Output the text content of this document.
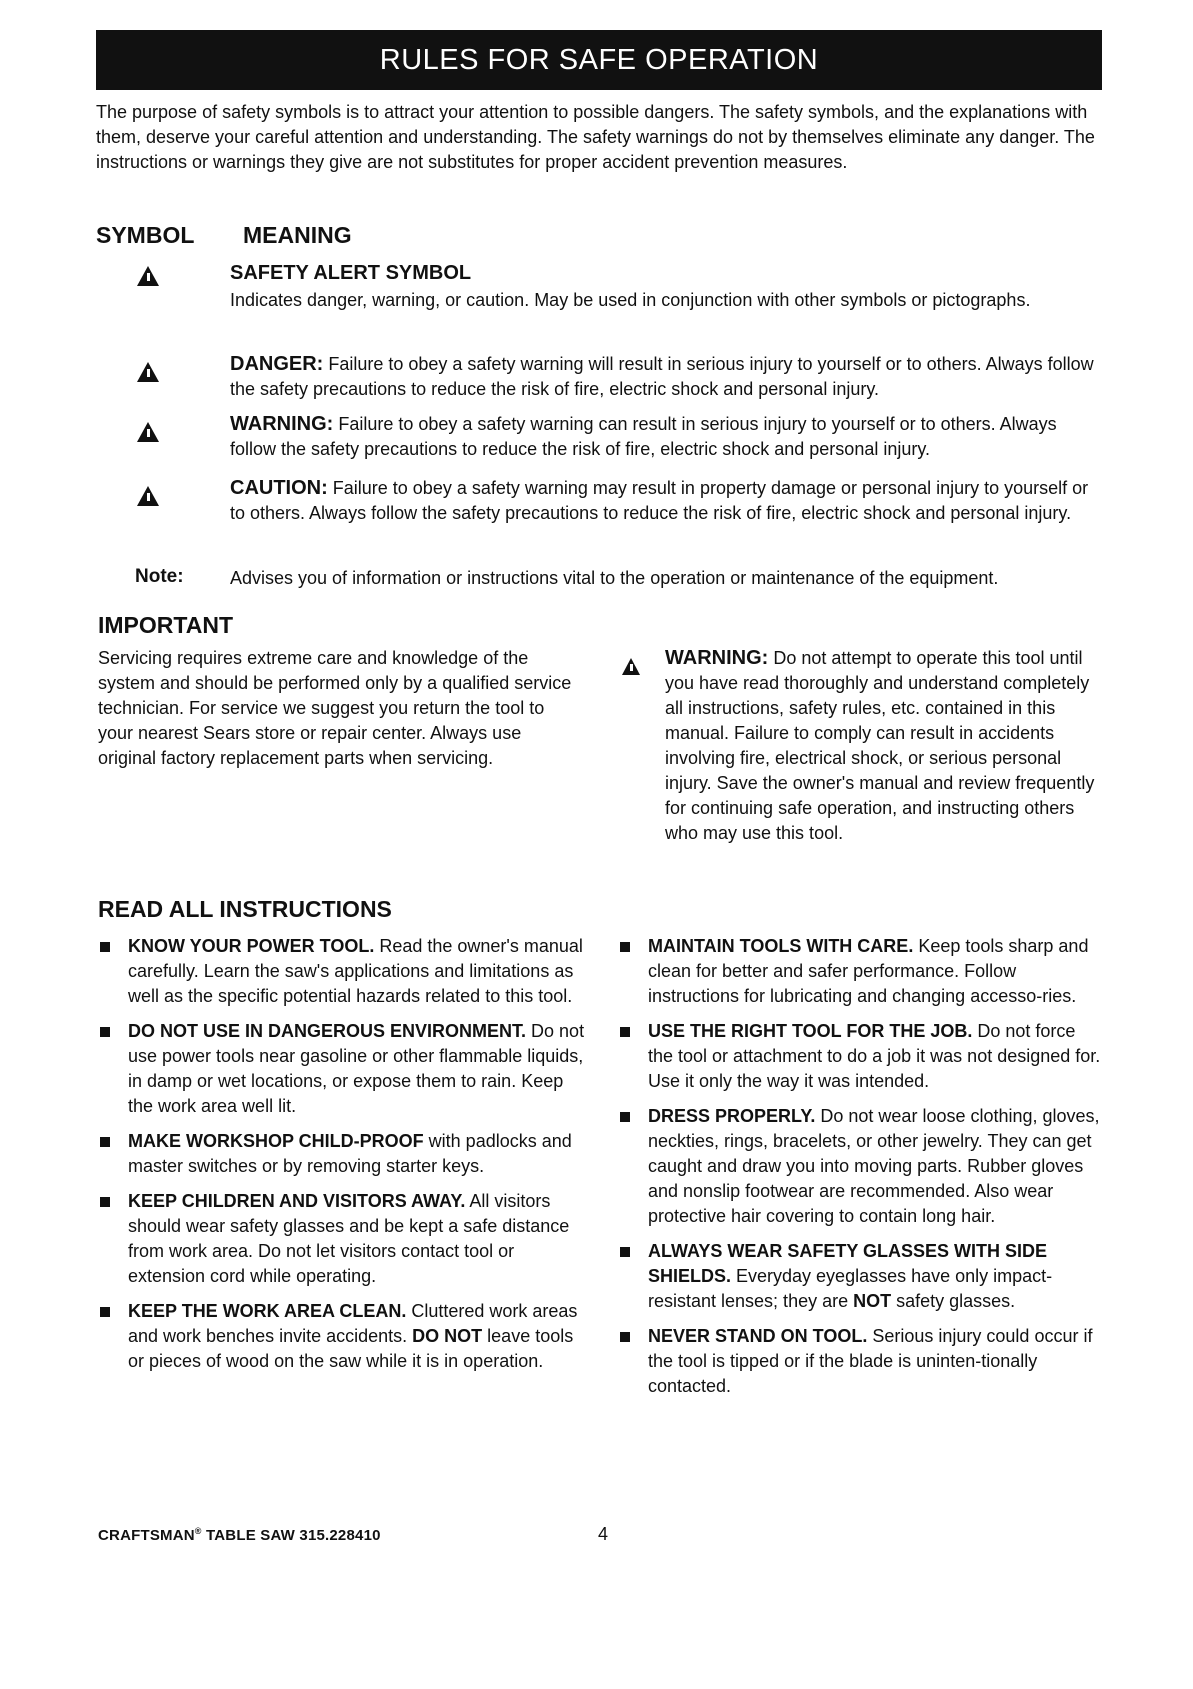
RULES FOR SAFE OPERATION
The purpose of safety symbols is to attract your attention to possible dangers. The safety symbols, and the explanations with them, deserve your careful attention and understanding. The safety warnings do not by themselves eliminate any danger. The instructions or warnings they give are not substitutes for proper accident prevention measures.
SYMBOL MEANING
SAFETY ALERT SYMBOL
Indicates danger, warning, or caution. May be used in conjunction with other symbols or pictographs.
DANGER: Failure to obey a safety warning will result in serious injury to yourself or to others. Always follow the safety precautions to reduce the risk of fire, electric shock and personal injury.
WARNING: Failure to obey a safety warning can result in serious injury to yourself or to others. Always follow the safety precautions to reduce the risk of fire, electric shock and personal injury.
CAUTION: Failure to obey a safety warning may result in property damage or personal injury to yourself or to others. Always follow the safety precautions to reduce the risk of fire, electric shock and personal injury.
Note:	Advises you of information or instructions vital to the operation or maintenance of the equipment.
IMPORTANT
Servicing requires extreme care and knowledge of the system and should be performed only by a qualified service technician. For service we suggest you return the tool to your nearest Sears store or repair center. Always use original factory replacement parts when servicing.
WARNING: Do not attempt to operate this tool until you have read thoroughly and understand completely all instructions, safety rules, etc. contained in this manual. Failure to comply can result in accidents involving fire, electrical shock, or serious personal injury. Save the owner's manual and review frequently for continuing safe operation, and instructing others who may use this tool.
READ ALL INSTRUCTIONS
KNOW YOUR POWER TOOL. Read the owner's manual carefully. Learn the saw's applications and limitations as well as the specific potential hazards related to this tool.
DO NOT USE IN DANGEROUS ENVIRONMENT. Do not use power tools near gasoline or other flammable liquids, in damp or wet locations, or expose them to rain. Keep the work area well lit.
MAKE WORKSHOP CHILD-PROOF with padlocks and master switches or by removing starter keys.
KEEP CHILDREN AND VISITORS AWAY. All visitors should wear safety glasses and be kept a safe distance from work area. Do not let visitors contact tool or extension cord while operating.
KEEP THE WORK AREA CLEAN. Cluttered work areas and work benches invite accidents. DO NOT leave tools or pieces of wood on the saw while it is in operation.
MAINTAIN TOOLS WITH CARE. Keep tools sharp and clean for better and safer performance. Follow instructions for lubricating and changing accesso-ries.
USE THE RIGHT TOOL FOR THE JOB. Do not force the tool or attachment to do a job it was not designed for. Use it only the way it was intended.
DRESS PROPERLY. Do not wear loose clothing, gloves, neckties, rings, bracelets, or other jewelry. They can get caught and draw you into moving parts. Rubber gloves and nonslip footwear are recommended. Also wear protective hair covering to contain long hair.
ALWAYS WEAR SAFETY GLASSES WITH SIDE SHIELDS. Everyday eyeglasses have only impact-resistant lenses; they are NOT safety glasses.
NEVER STAND ON TOOL. Serious injury could occur if the tool is tipped or if the blade is uninten-tionally contacted.
CRAFTSMAN® TABLE SAW 315.228410	4
